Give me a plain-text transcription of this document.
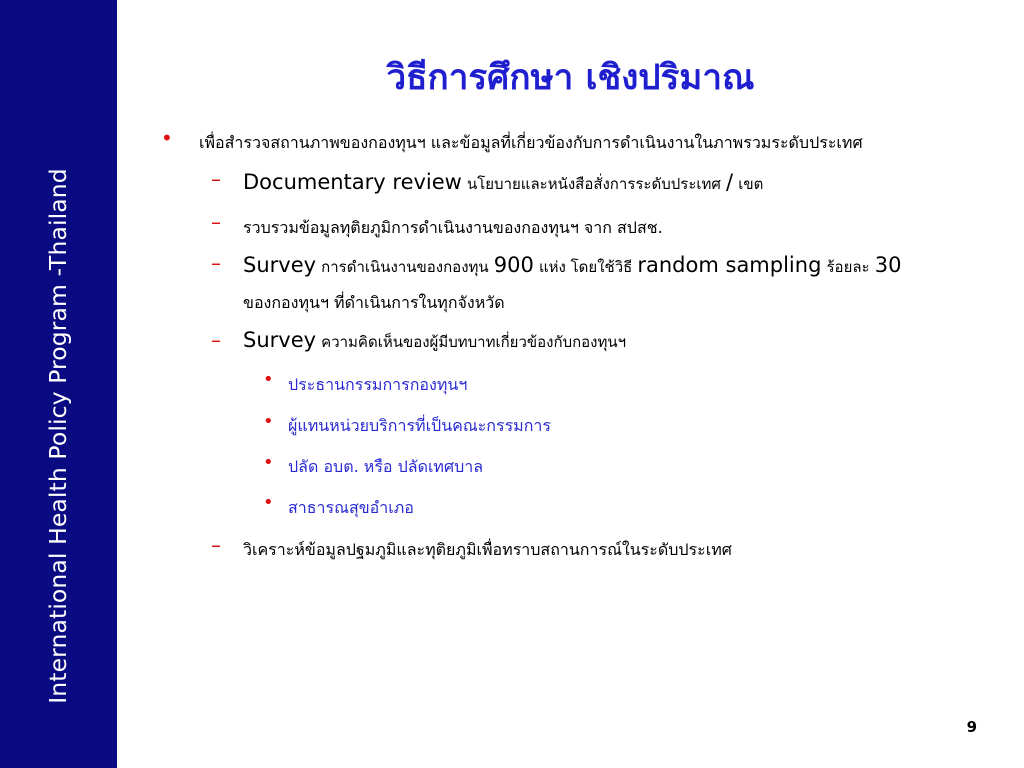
International Health Policy Program -Thailand
วิธีการศึกษา เชิงปริมาณ
• เพื่อสำรวจสถานภาพของกองทุนฯ และข้อมูลที่เกี่ยวข้องกับการดำเนินงานในภาพรวมระดับประเทศ
– Documentary review นโยบายและหนังสือสั่งการระดับประเทศ / เขต
– รวบรวมข้อมูลทุติยภูมิการดำเนินงานของกองทุนฯ จาก สปสช.
– Survey การดำเนินงานของกองทุน 900 แห่ง โดยใช้วิธี random sampling ร้อยละ 30
ของกองทุนฯ ที่ดำเนินการในทุกจังหวัด
– Survey ความคิดเห็นของผู้มีบทบาทเกี่ยวข้องกับกองทุนฯ
• ประธานกรรมการกองทุนฯ
• ผู้แทนหน่วยบริการที่เป็นคณะกรรมการ
• ปลัด อบต. หรือ ปลัดเทศบาล
• สาธารณสุขอำเภอ
– วิเคราะห์ข้อมูลปฐมภูมิและทุติยภูมิเพื่อทราบสถานการณ์ในระดับประเทศ
9
